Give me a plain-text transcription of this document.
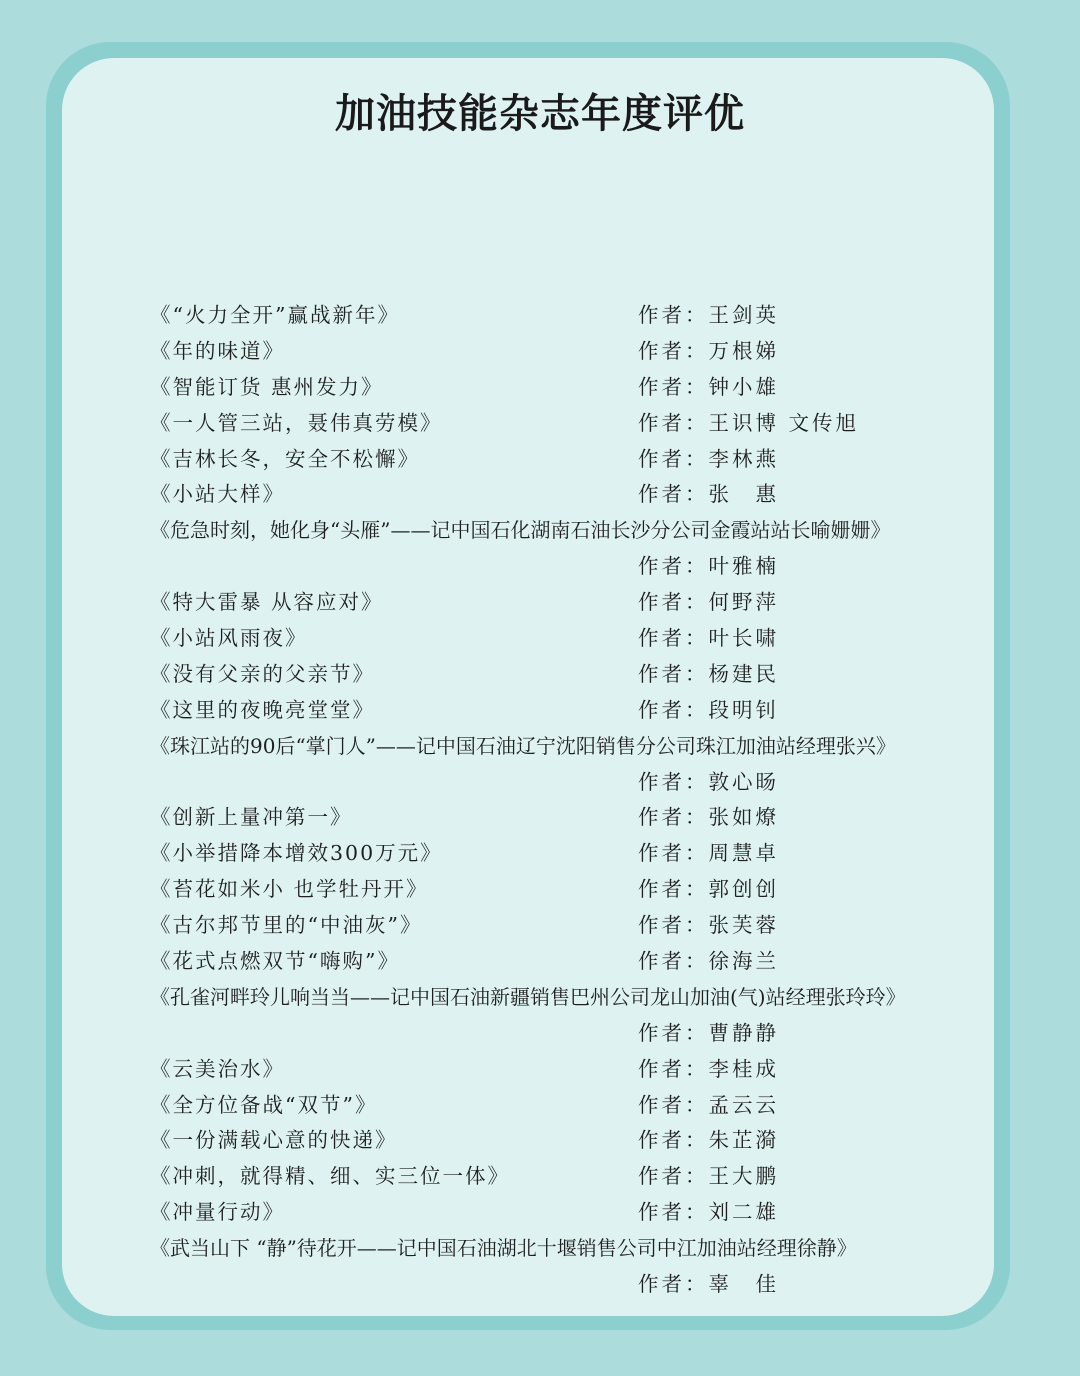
加油技能杂志年度评优
《“火力全开”赢战新年》	作者：王剑英
《年的味道》	作者：万根娣
《智能订货 惠州发力》	作者：钟小雄
《一人管三站，聂伟真劳模》	作者：王识博 文传旭
《吉林长冬，安全不松懈》	作者：李林燕
《小站大样》	作者：张　惠
《危急时刻，她化身“头雁”——记中国石化湖南石油长沙分公司金霞站站长喻姗姗》
作者：叶雅楠
《特大雷暴 从容应对》	作者：何野萍
《小站风雨夜》	作者：叶长啸
《没有父亲的父亲节》	作者：杨建民
《这里的夜晚亮堂堂》	作者：段明钊
《珠江站的90后“掌门人”——记中国石油辽宁沈阳销售分公司珠江加油站经理张兴》
作者：敦心旸
《创新上量冲第一》	作者：张如燎
《小举措降本增效300万元》	作者：周慧卓
《苔花如米小 也学牡丹开》	作者：郭创创
《古尔邦节里的“中油灰”》	作者：张芙蓉
《花式点燃双节“嗨购”》	作者：徐海兰
《孔雀河畔玲儿响当当——记中国石油新疆销售巴州公司龙山加油(气)站经理张玲玲》
作者：曹静静
《云美治水》	作者：李桂成
《全方位备战“双节”》	作者：孟云云
《一份满载心意的快递》	作者：朱芷漪
《冲刺，就得精、细、实三位一体》	作者：王大鹏
《冲量行动》	作者：刘二雄
《武当山下 “静”待花开——记中国石油湖北十堰销售公司中江加油站经理徐静》
作者：辜　佳
